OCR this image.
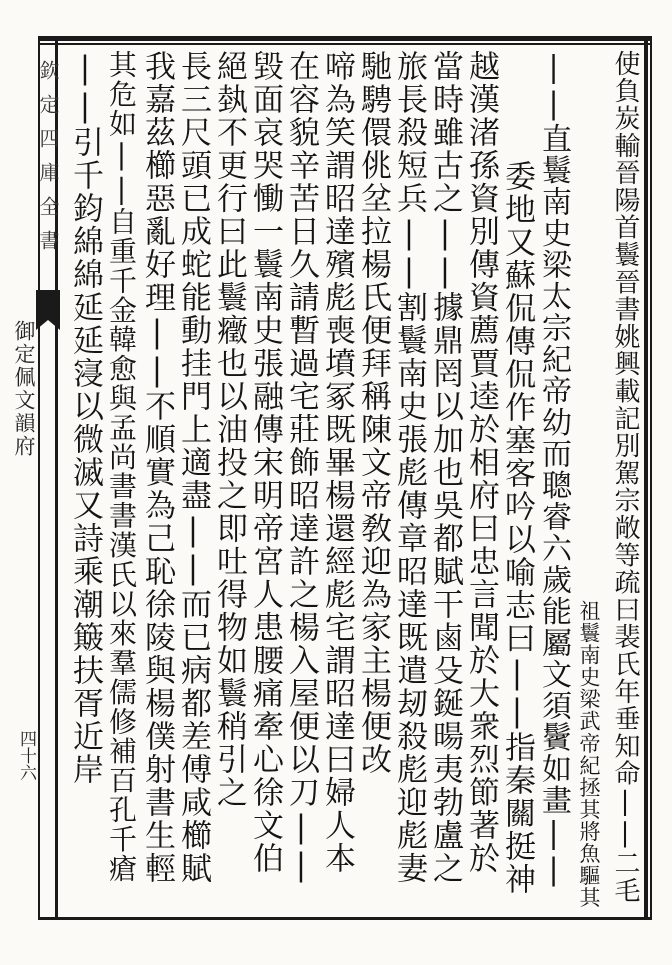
欽定四庫全書
御定佩文韻府
四十六	使負炭輸晉陽首鬟晉書姚興載記別駕宗敞等疏曰裴氏年垂知命||二毛
祖鬟南史梁武帝紀拯其將魚驅其
||直鬟南史梁太宗紀帝幼而聰睿六歲能屬文須鬢如畫||
委地又蘇侃傳侃作塞客吟以喻志曰||指秦關挺神
越漢渚孫資別傳資薦賈逵於相府曰忠言聞於大衆烈節著於
當時雖古之||據鼎罔以加也吳都賦干鹵殳鋋暘夷勃盧之
旅長殺短兵||割鬟南史張彪傳章昭達既遣刼殺彪迎彪妻
馳騁儇佻坌拉楊氏便拜稱陳文帝敎迎為家主楊便改
啼為笑謂昭達殯彪喪墳冢既畢楊還經彪宅謂昭達曰婦人本
在容貌辛苦日久請暫過宅莊飾昭達許之楊入屋便以刀||
毀面哀哭慟一鬟南史張融傳宋明帝宮人患腰痛牽心徐文伯
絕埶不更行曰此鬟癥也以油投之即吐得物如鬟稍引之
長三尺頭已成蛇能動挂門上適盡||而已病都差傅咸櫛賦
我嘉茲櫛惡亂好理||不順實為己恥徐陵與楊僕射書生輕
其危如||自重千金韓愈與孟尚書書漢氏以來羣儒修補百孔千瘡
||引千鈞綿綿延延寖以微滅又詩乘潮簸扶胥近岸
